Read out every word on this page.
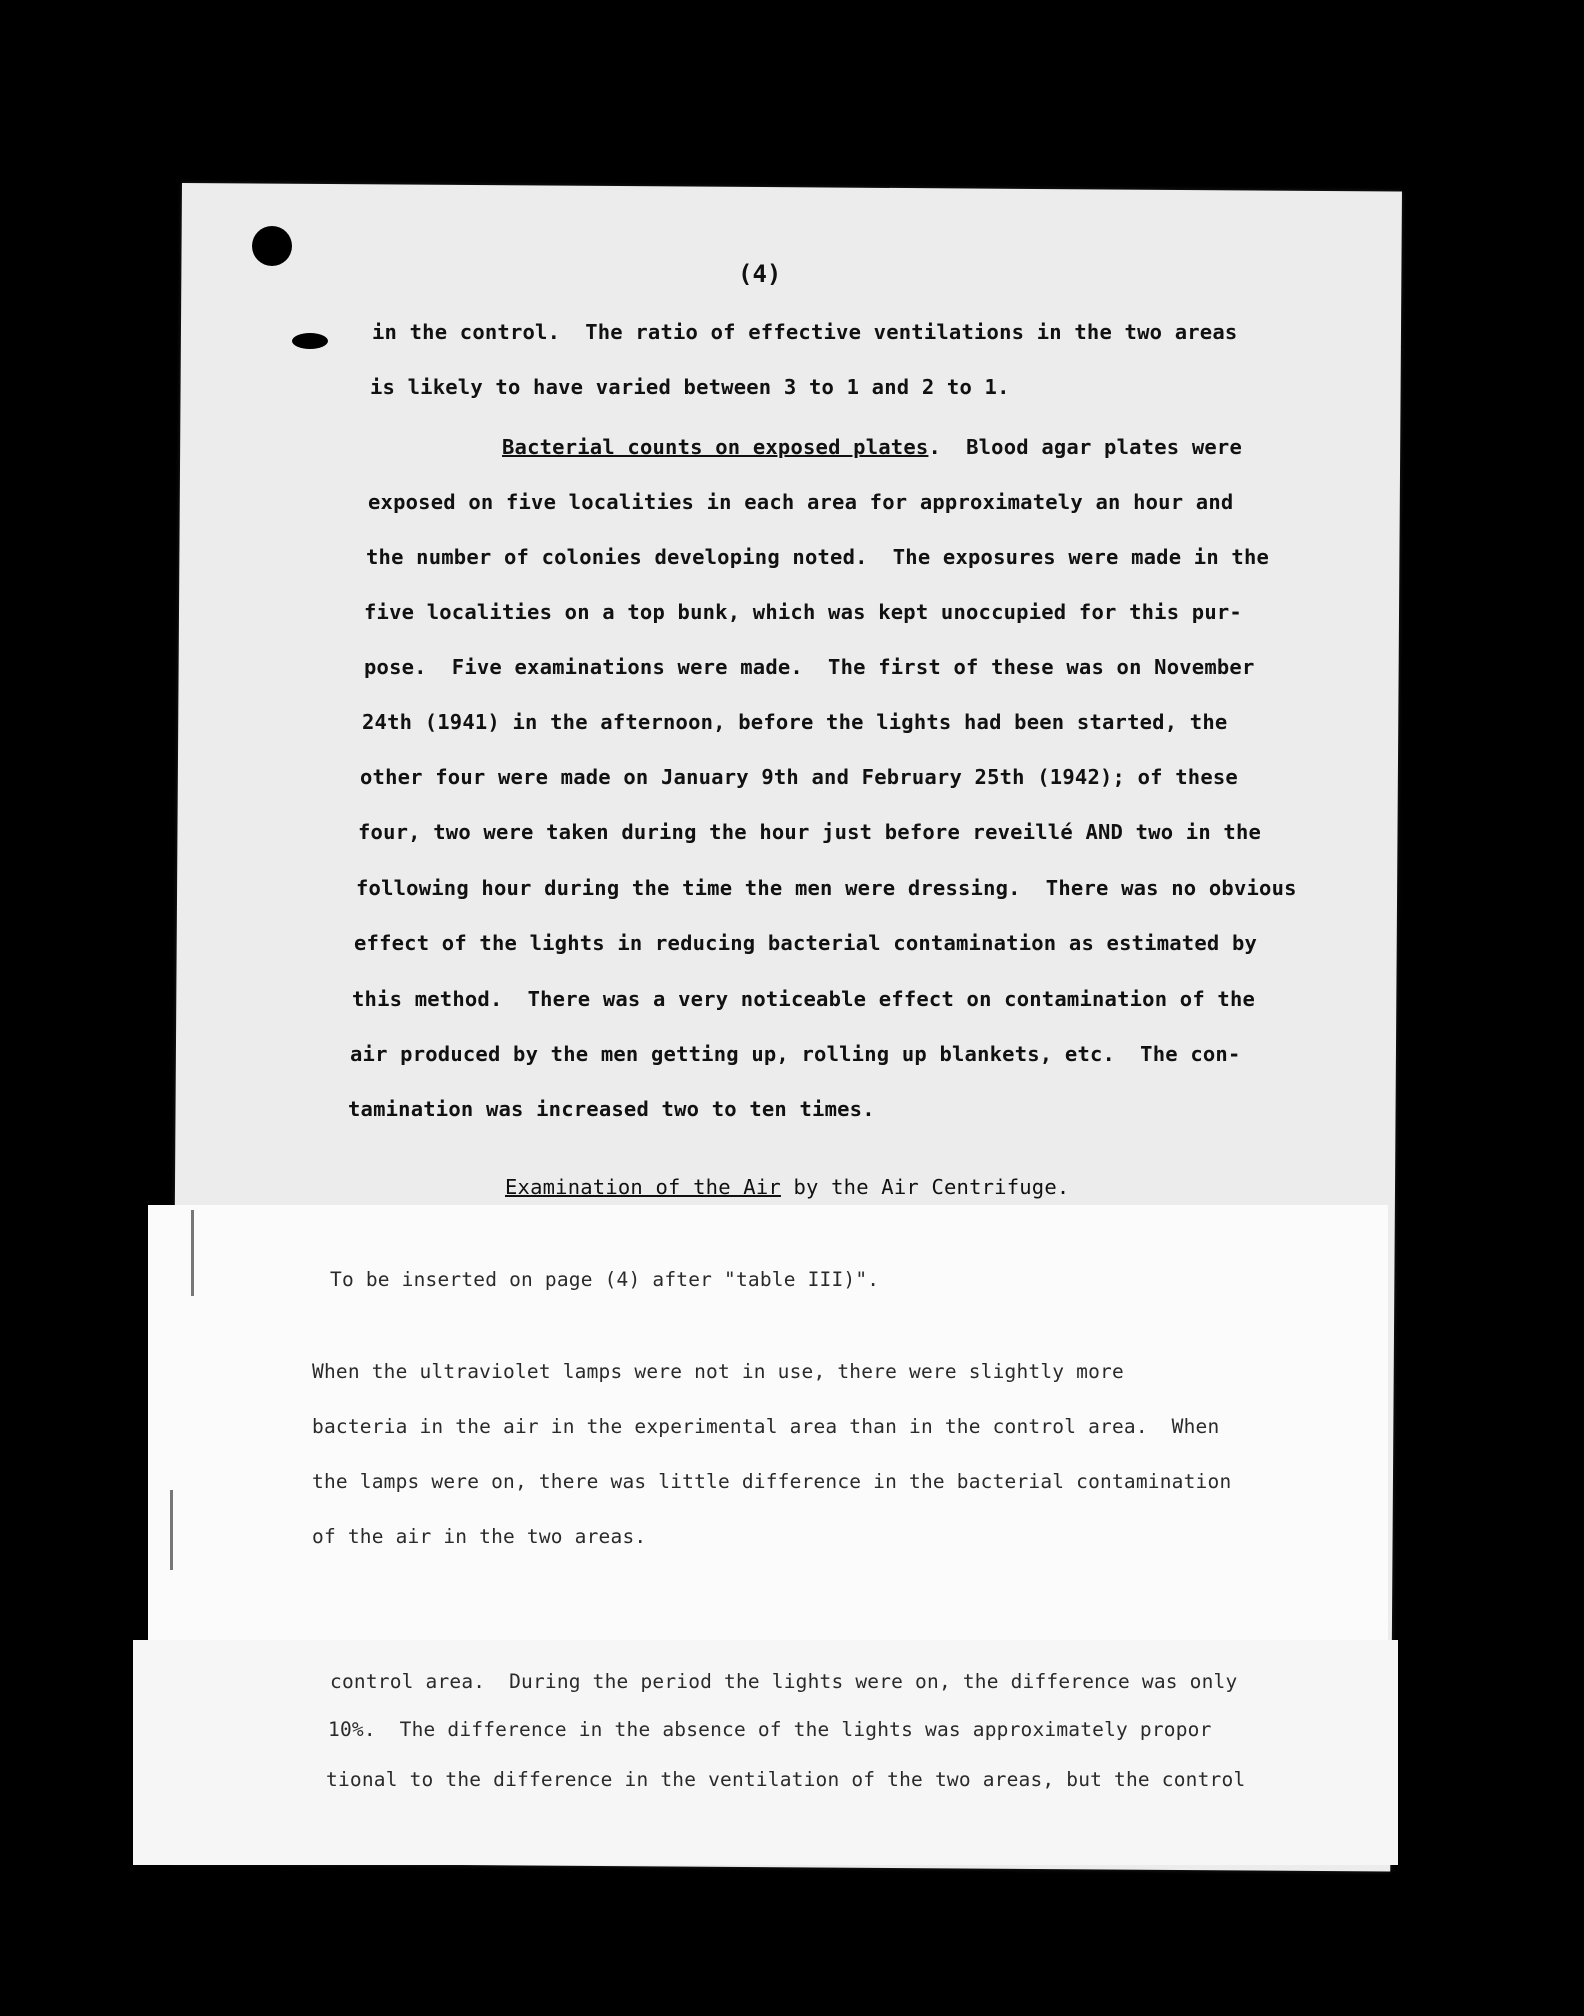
(4)
in the control.  The ratio of effective ventilations in the two areas
is likely to have varied between 3 to 1 and 2 to 1.
Bacterial counts on exposed plates. Blood agar plates were
exposed on five localities in each area for approximately an hour and
the number of colonies developing noted.  The exposures were made in the
five localities on a top bunk, which was kept unoccupied for this pur-
pose.  Five examinations were made.  The first of these was on November
24th (1941) in the afternoon, before the lights had been started, the
other four were made on January 9th and February 25th (1942); of these
four, two were taken during the hour just before reveillé AND two in the
following hour during the time the men were dressing.  There was no obvious
effect of the lights in reducing bacterial contamination as estimated by
this method.  There was a very noticeable effect on contamination of the
air produced by the men getting up, rolling up blankets, etc.  The con-
tamination was increased two to ten times.
Examination of the Air by the Air Centrifuge.
To be inserted on page (4) after "table III)".
When the ultraviolet lamps were not in use, there were slightly more
bacteria in the air in the experimental area than in the control area.  When
the lamps were on, there was little difference in the bacterial contamination
of the air in the two areas.
control area.  During the period the lights were on, the difference was only
10%.  The difference in the absence of the lights was approximately propor
tional to the difference in the ventilation of the two areas, but the control
